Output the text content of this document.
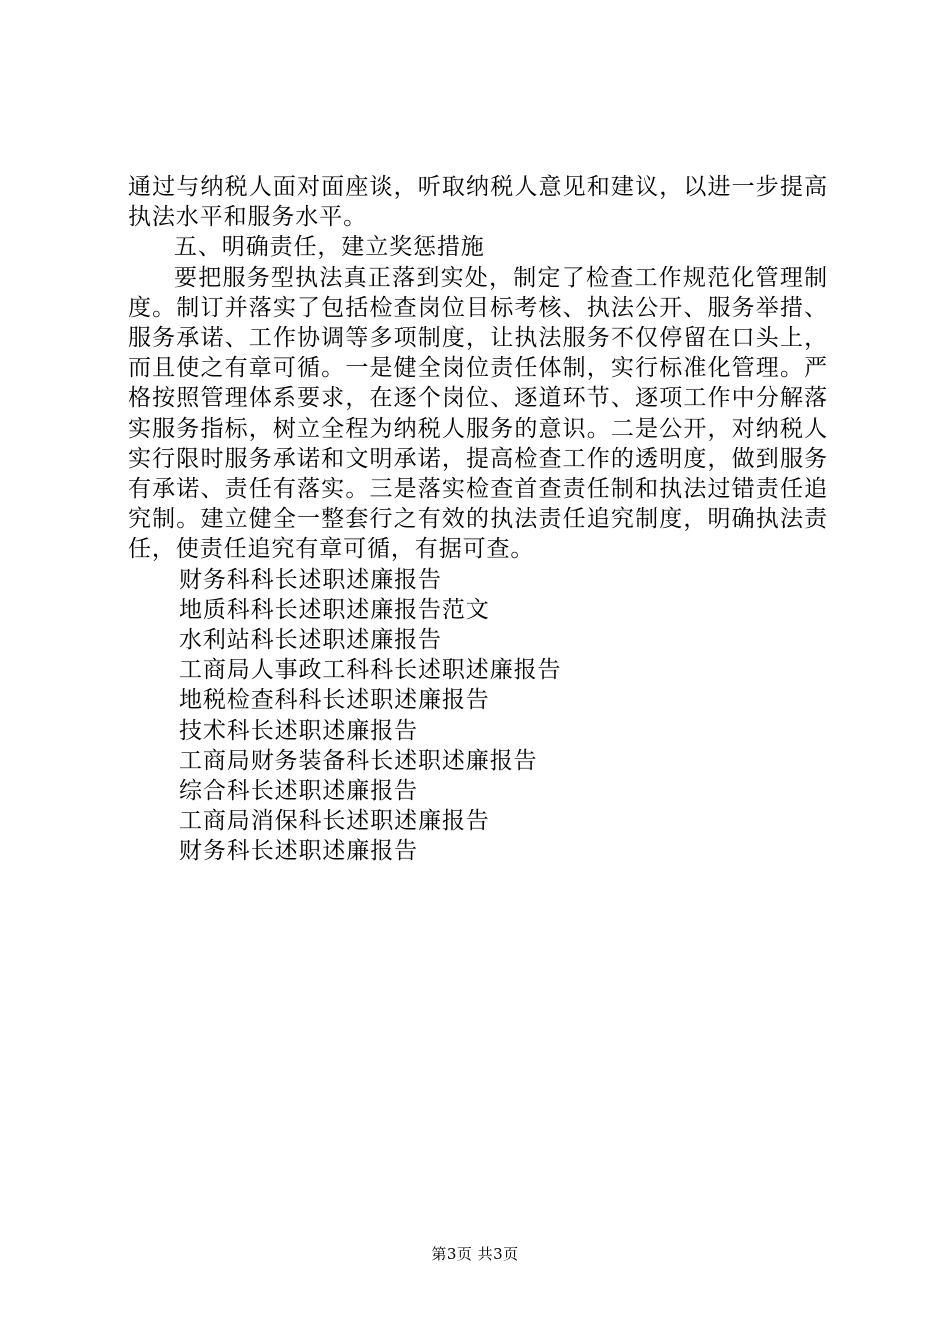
通过与纳税人面对面座谈，听取纳税人意见和建议，以进一步提高执法水平和服务水平。

五、明确责任，建立奖惩措施

要把服务型执法真正落到实处，制定了检查工作规范化管理制度。制订并落实了包括检查岗位目标考核、执法公开、服务举措、服务承诺、工作协调等多项制度，让执法服务不仅停留在口头上，而且使之有章可循。一是健全岗位责任体制，实行标准化管理。严格按照管理体系要求，在逐个岗位、逐道环节、逐项工作中分解落实服务指标，树立全程为纳税人服务的意识。二是公开，对纳税人实行限时服务承诺和文明承诺，提高检查工作的透明度，做到服务有承诺、责任有落实。三是落实检查首查责任制和执法过错责任追究制。建立健全一整套行之有效的执法责任追究制度，明确执法责任，使责任追究有章可循，有据可查。

财务科科长述职述廉报告

地质科科长述职述廉报告范文

水利站科长述职述廉报告

工商局人事政工科科长述职述廉报告

地税检查科科长述职述廉报告

技术科长述职述廉报告

工商局财务装备科长述职述廉报告

综合科长述职述廉报告

工商局消保科长述职述廉报告

财务科长述职述廉报告

第3页 共3页
